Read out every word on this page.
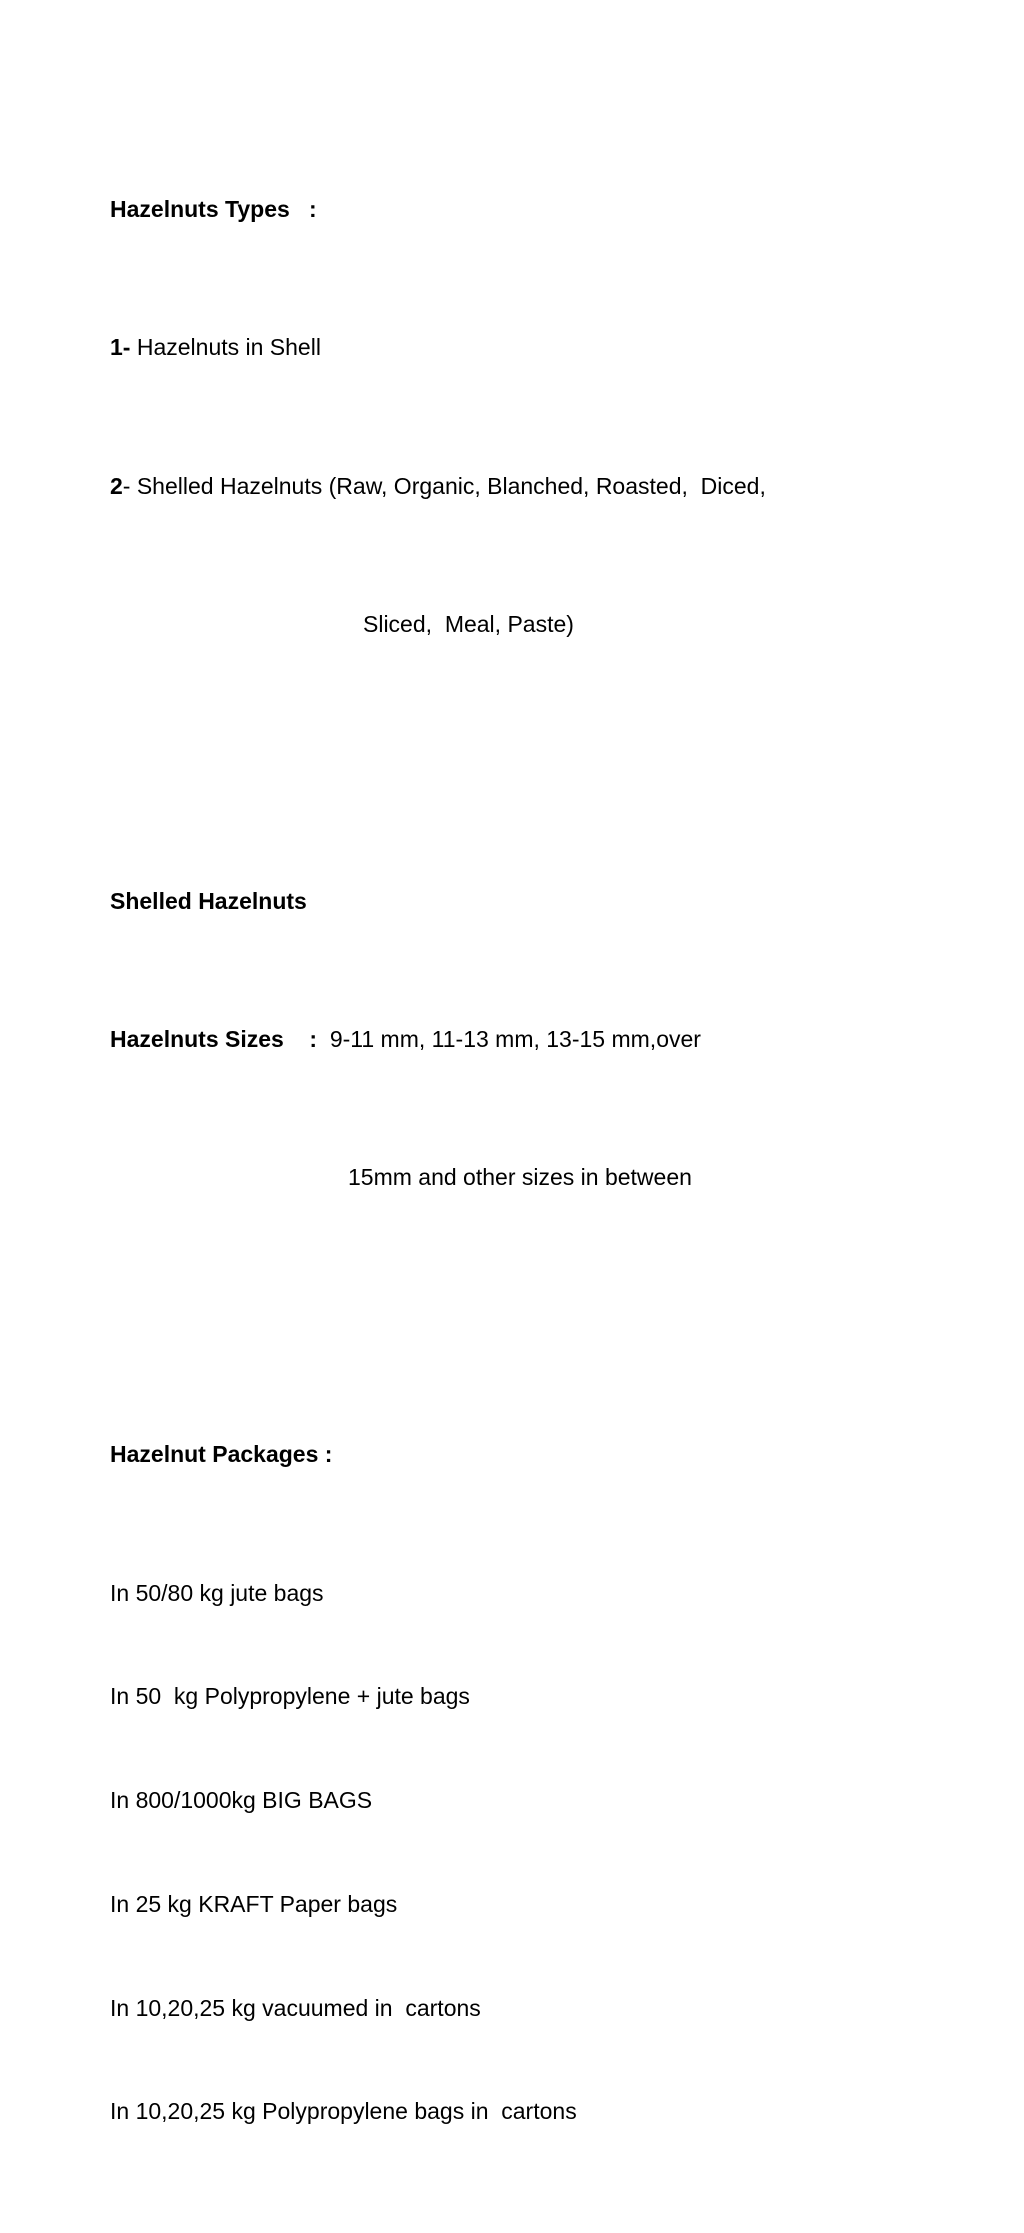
Hazelnuts Types   :

1- Hazelnuts in Shell

2- Shelled Hazelnuts (Raw, Organic, Blanched, Roasted,  Diced,

Sliced,  Meal, Paste)

Shelled Hazelnuts

Hazelnuts Sizes    :  9-11 mm, 11-13 mm, 13-15 mm,over

15mm and other sizes in between

Hazelnut Packages :

In 50/80 kg jute bags

In 50  kg Polypropylene + jute bags

In 800/1000kg BIG BAGS

In 25 kg KRAFT Paper bags

In 10,20,25 kg vacuumed in  cartons

In 10,20,25 kg Polypropylene bags in  cartons
